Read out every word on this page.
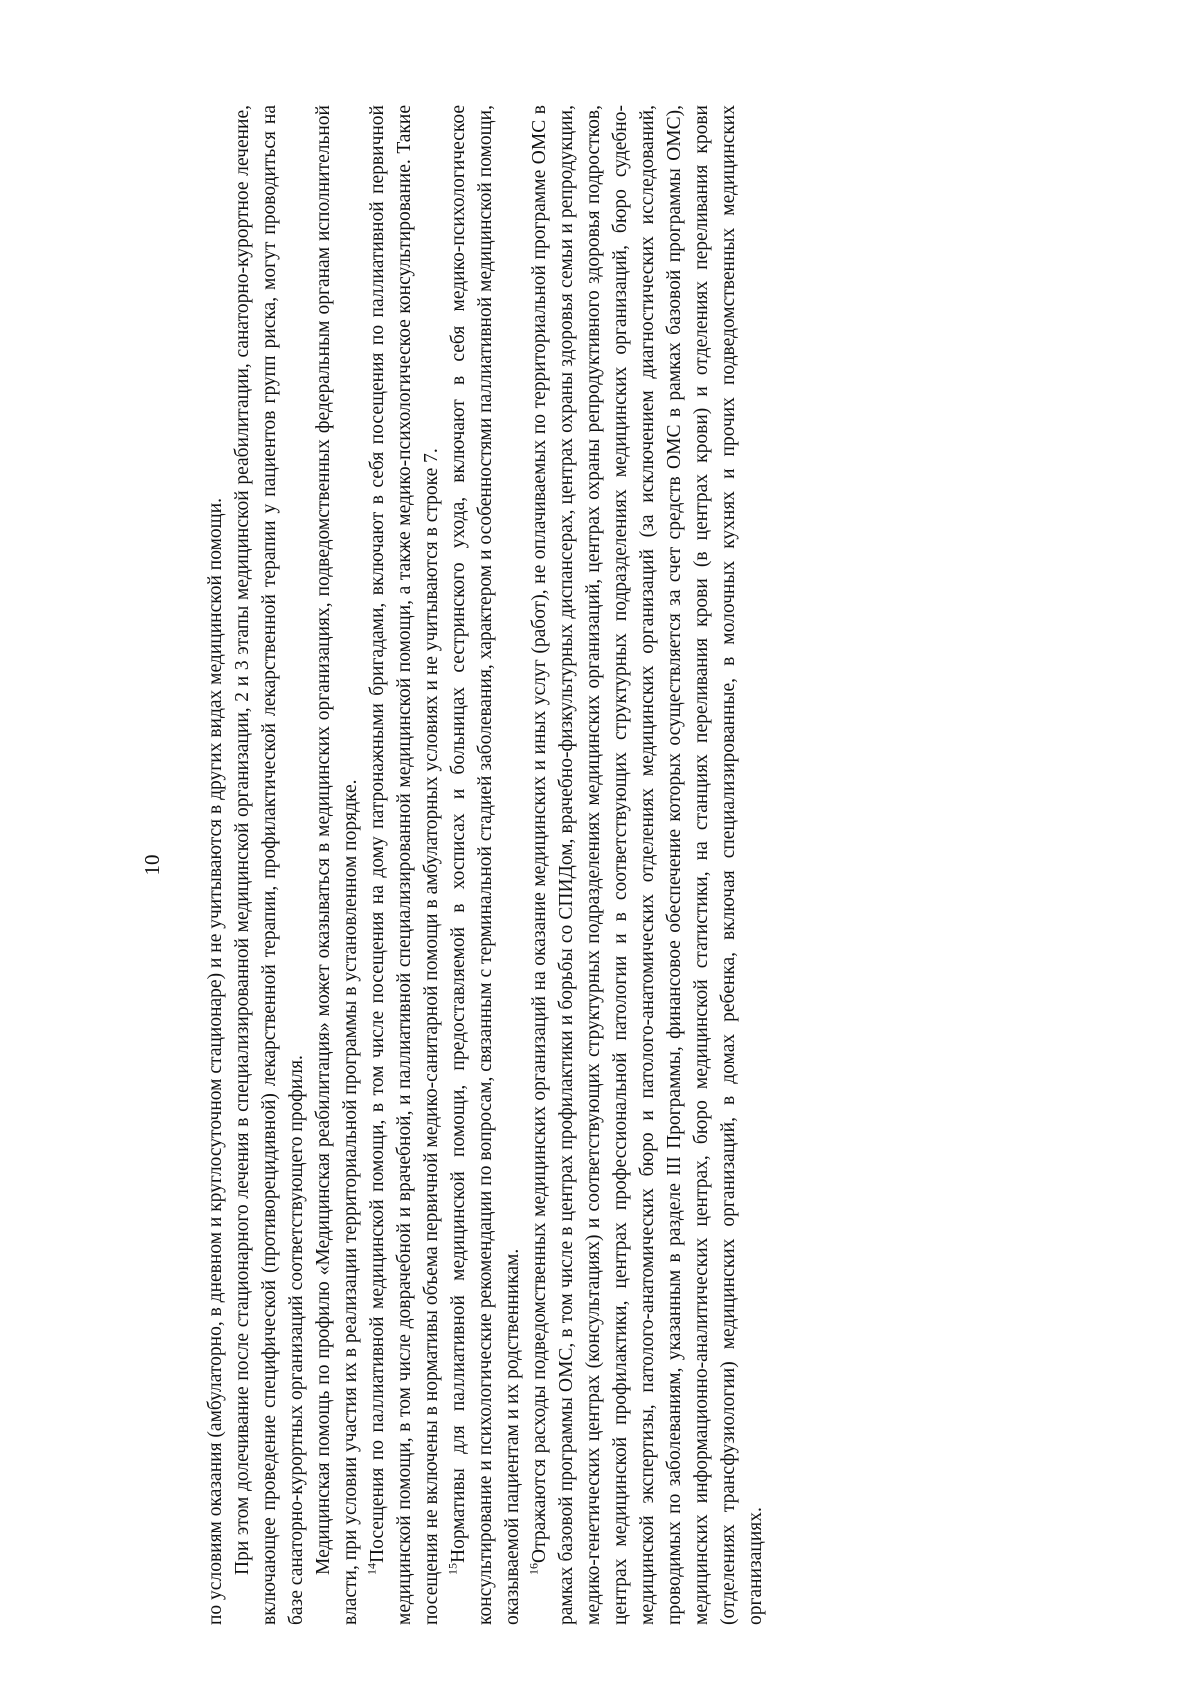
10 по условиям оказания (амбулаторно, в дневном и круглосуточном стационаре) и не учитываются в других видах медицинской помощи. При этом долечивание после стационарного лечения в специализированной медицинской организации, 2 и 3 этапы медицинской реабилитации, санаторно-курортное лечение, включающее проведение специфической (противорецидивной) лекарственной терапии, профилактической лекарственной терапии у пациентов групп риска, могут проводиться на базе санаторно-курортных организаций соответствующего профиля. Медицинская помощь по профилю «Медицинская реабилитация» может оказываться в медицинских организациях, подведомственных федеральным органам исполнительной власти, при условии участия их в реализации территориальной программы в установленном порядке. $^{14}$Посещения по паллиативной медицинской помощи, в том числе посещения на дому патронажными бригадами, включают в себя посещения по паллиативной первичной медицинской помощи, в том числе доврачебной и врачебной, и паллиативной специализированной медицинской помощи, а также медико-психологическое консультирование. Такие посещения не включены в нормативы объема первичной медико-санитарной помощи в амбулаторных условиях и не учитываются в строке 7. $^{15}$Нормативы для паллиативной медицинской помощи, предоставляемой в хосписах и больницах сестринского ухода, включают в себя медико-психологическое консультирование и психологические рекомендации по вопросам, связанным с терминальной стадией заболевания, характером и особенностями паллиативной медицинской помощи, оказываемой пациентам и их родственникам. $^{16}$Отражаются расходы подведомственных медицинских организаций на оказание медицинских и иных услуг (работ), не оплачиваемых по территориальной программе ОМС в рамках базовой программы ОМС, в том числе в центрах профилактики и борьбы со СПИДом, врачебно-физкультурных диспансерах, центрах охраны здоровья семьи и репродукции, медико-генетических центрах (консультациях) и соответствующих структурных подразделениях медицинских организаций, центрах охраны репродуктивного здоровья подростков, центрах медицинской профилактики, центрах профессиональной патологии и в соответствующих структурных подразделениях медицинских организаций, бюро судебно-медицинской экспертизы, патолого-анатомических бюро и патолого-анатомических отделениях медицинских организаций (за исключением диагностических исследований, проводимых по заболеваниям, указанным в разделе III Программы, финансовое обеспечение которых осуществляется за счет средств ОМС в рамках базовой программы ОМС), медицинских информационно-аналитических центрах, бюро медицинской статистики, на станциях переливания крови (в центрах крови) и отделениях переливания крови (отделениях трансфузиологии) медицинских организаций, в домах ребенка, включая специализированные, в молочных кухнях и прочих подведомственных медицинских организациях.
